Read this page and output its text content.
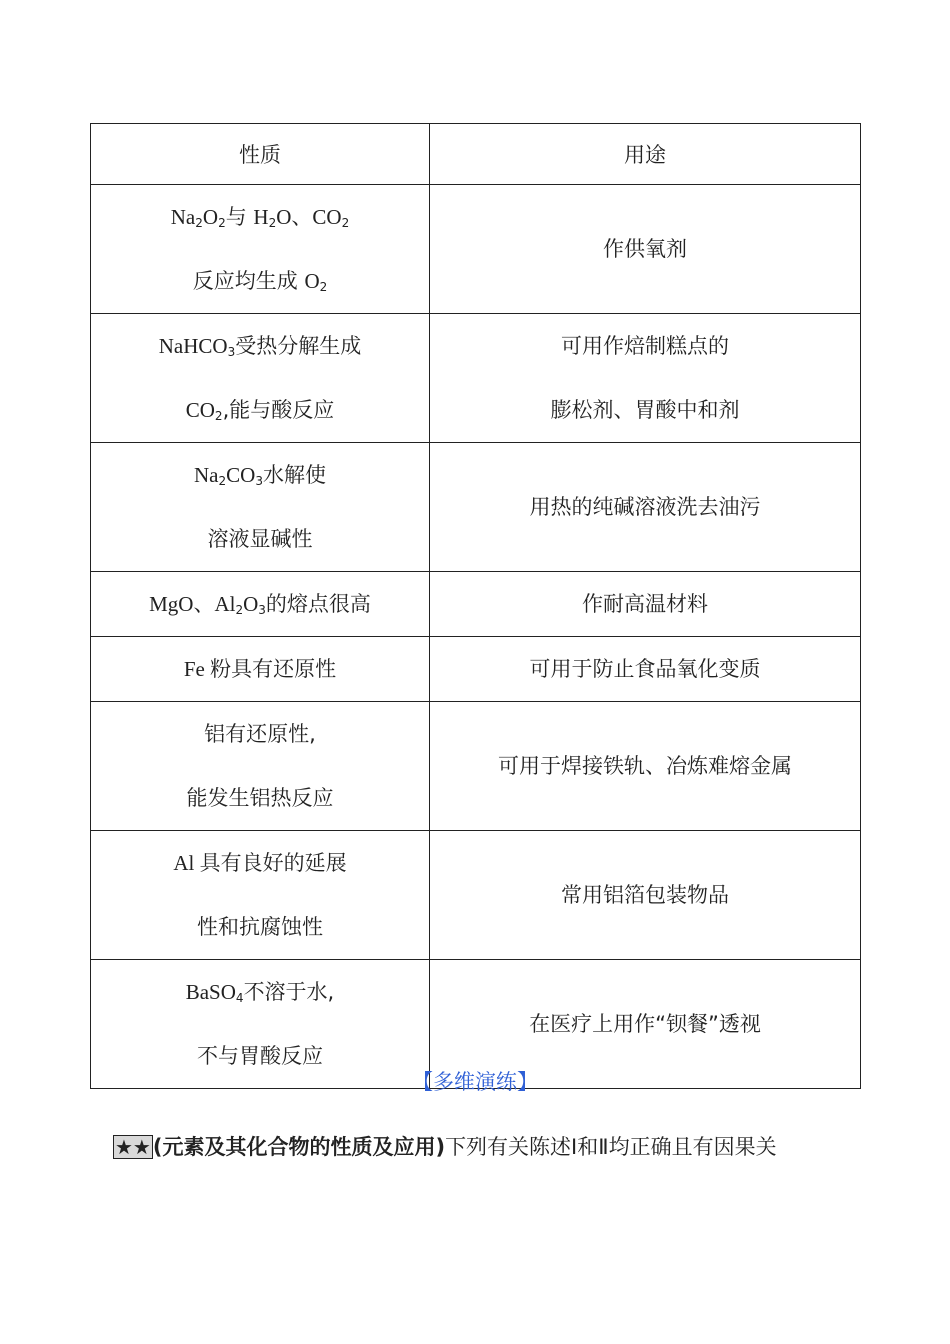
性质	用途

$Na_2O_2$与 $H_2O$、$CO_2$
反应均生成 $O_2$	作供氧剂

NaHCO$_3$受热分解生成
$CO_2$,能与酸反应	可用作焙制糕点的
膨松剂、胃酸中和剂

$Na_2CO_3$水解使
溶液显碱性	用热的纯碱溶液洗去油污

MgO、$Al_2O_3$的熔点很高	作耐高温材料

Fe 粉具有还原性	可用于防止食品氧化变质

铝有还原性,
能发生铝热反应	可用于焊接铁轨、冶炼难熔金属

Al 具有良好的延展
性和抗腐蚀性	常用铝箔包装物品

BaSO$_4$不溶于水,
不与胃酸反应	在医疗上用作“钡餐”透视
【多维演练】
★★(元素及其化合物的性质及应用)下列有关陈述Ⅰ和Ⅱ均正确且有因果关
